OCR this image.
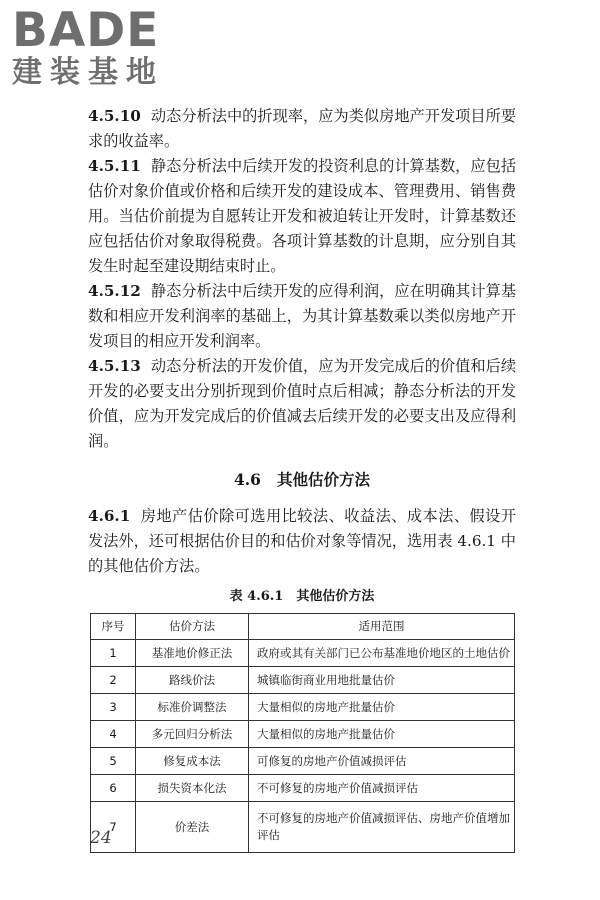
BADE
建装基地

4.5.10 动态分析法中的折现率，应为类似房地产开发项目所要求的收益率。

4.5.11 静态分析法中后续开发的投资利息的计算基数，应包括估价对象价值或价格和后续开发的建设成本、管理费用、销售费用。当估价前提为自愿转让开发和被迫转让开发时，计算基数还应包括估价对象取得税费。各项计算基数的计息期，应分别自其发生时起至建设期结束时止。

4.5.12 静态分析法中后续开发的应得利润，应在明确其计算基数和相应开发利润率的基础上，为其计算基数乘以类似房地产开发项目的相应开发利润率。

4.5.13 动态分析法的开发价值，应为开发完成后的价值和后续开发的必要支出分别折现到价值时点后相减；静态分析法的开发价值，应为开发完成后的价值减去后续开发的必要支出及应得利润。

4.6 其他估价方法

4.6.1 房地产估价除可选用比较法、收益法、成本法、假设开发法外，还可根据估价目的和估价对象等情况，选用表 4.6.1 中的其他估价方法。

表 4.6.1　其他估价方法
序号	估价方法	适用范围
1	基准地价修正法	政府或其有关部门已公布基准地价地区的土地估价
2	路线价法	城镇临街商业用地批量估价
3	标准价调整法	大量相似的房地产批量估价
4	多元回归分析法	大量相似的房地产批量估价
5	修复成本法	可修复的房地产价值减损评估
6	损失资本化法	不可修复的房地产价值减损评估
7	价差法	不可修复的房地产价值减损评估、房地产价值增加评估
24
